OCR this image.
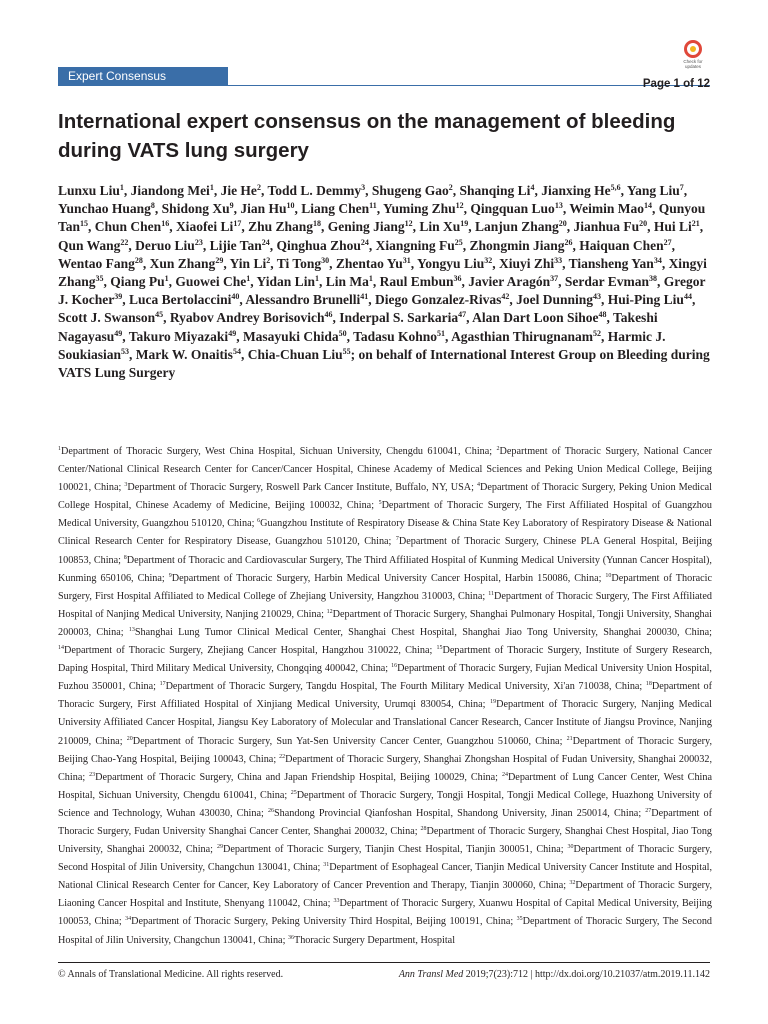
Expert Consensus
Check for updates
Page 1 of 12
International expert consensus on the management of bleeding during VATS lung surgery
Lunxu Liu$^1$, Jiandong Mei$^1$, Jie He$^2$, Todd L. Demmy$^3$, Shugeng Gao$^2$, Shanqing Li$^4$, Jianxing He$^{5,6}$, Yang Liu$^7$, Yunchao Huang$^8$, Shidong Xu$^9$, Jian Hu$^{10}$, Liang Chen$^{11}$, Yuming Zhu$^{12}$, Qingquan Luo$^{13}$, Weimin Mao$^{14}$, Qunyou Tan$^{15}$, Chun Chen$^{16}$, Xiaofei Li$^{17}$, Zhu Zhang$^{18}$, Gening Jiang$^{12}$, Lin Xu$^{19}$, Lanjun Zhang$^{20}$, Jianhua Fu$^{20}$, Hui Li$^{21}$, Qun Wang$^{22}$, Deruo Liu$^{23}$, Lijie Tan$^{24}$, Qinghua Zhou$^{24}$, Xiangning Fu$^{25}$, Zhongmin Jiang$^{26}$, Haiquan Chen$^{27}$, Wentao Fang$^{28}$, Xun Zhang$^{29}$, Yin Li$^2$, Ti Tong$^{30}$, Zhentao Yu$^{31}$, Yongyu Liu$^{32}$, Xiuyi Zhi$^{33}$, Tiansheng Yan$^{34}$, Xingyi Zhang$^{35}$, Qiang Pu$^1$, Guowei Che$^1$, Yidan Lin$^1$, Lin Ma$^1$, Raul Embun$^{36}$, Javier Aragón$^{37}$, Serdar Evman$^{38}$, Gregor J. Kocher$^{39}$, Luca Bertolaccini$^{40}$, Alessandro Brunelli$^{41}$, Diego Gonzalez-Rivas$^{42}$, Joel Dunning$^{43}$, Hui-Ping Liu$^{44}$, Scott J. Swanson$^{45}$, Ryabov Andrey Borisovich$^{46}$, Inderpal S. Sarkaria$^{47}$, Alan Dart Loon Sihoe$^{48}$, Takeshi Nagayasu$^{49}$, Takuro Miyazaki$^{49}$, Masayuki Chida$^{50}$, Tadasu Kohno$^{51}$, Agasthian Thirugnanam$^{52}$, Harmic J. Soukiasian$^{53}$, Mark W. Onaitis$^{54}$, Chia-Chuan Liu$^{55}$; on behalf of International Interest Group on Bleeding during VATS Lung Surgery
$^1$Department of Thoracic Surgery, West China Hospital, Sichuan University, Chengdu 610041, China; $^2$Department of Thoracic Surgery, National Cancer Center/National Clinical Research Center for Cancer/Cancer Hospital, Chinese Academy of Medical Sciences and Peking Union Medical College, Beijing 100021, China; $^3$Department of Thoracic Surgery, Roswell Park Cancer Institute, Buffalo, NY, USA; $^4$Department of Thoracic Surgery, Peking Union Medical College Hospital, Chinese Academy of Medicine, Beijing 100032, China; $^5$Department of Thoracic Surgery, The First Affiliated Hospital of Guangzhou Medical University, Guangzhou 510120, China; $^6$Guangzhou Institute of Respiratory Disease & China State Key Laboratory of Respiratory Disease & National Clinical Research Center for Respiratory Disease, Guangzhou 510120, China; $^7$Department of Thoracic Surgery, Chinese PLA General Hospital, Beijing 100853, China; $^8$Department of Thoracic and Cardiovascular Surgery, The Third Affiliated Hospital of Kunming Medical University (Yunnan Cancer Hospital), Kunming 650106, China; $^9$Department of Thoracic Surgery, Harbin Medical University Cancer Hospital, Harbin 150086, China; $^{10}$Department of Thoracic Surgery, First Hospital Affiliated to Medical College of Zhejiang University, Hangzhou 310003, China; $^{11}$Department of Thoracic Surgery, The First Affiliated Hospital of Nanjing Medical University, Nanjing 210029, China; $^{12}$Department of Thoracic Surgery, Shanghai Pulmonary Hospital, Tongji University, Shanghai 200003, China; $^{13}$Shanghai Lung Tumor Clinical Medical Center, Shanghai Chest Hospital, Shanghai Jiao Tong University, Shanghai 200030, China; $^{14}$Department of Thoracic Surgery, Zhejiang Cancer Hospital, Hangzhou 310022, China; $^{15}$Department of Thoracic Surgery, Institute of Surgery Research, Daping Hospital, Third Military Medical University, Chongqing 400042, China; $^{16}$Department of Thoracic Surgery, Fujian Medical University Union Hospital, Fuzhou 350001, China; $^{17}$Department of Thoracic Surgery, Tangdu Hospital, The Fourth Military Medical University, Xi'an 710038, China; $^{18}$Department of Thoracic Surgery, First Affiliated Hospital of Xinjiang Medical University, Urumqi 830054, China; $^{19}$Department of Thoracic Surgery, Nanjing Medical University Affiliated Cancer Hospital, Jiangsu Key Laboratory of Molecular and Translational Cancer Research, Cancer Institute of Jiangsu Province, Nanjing 210009, China; $^{20}$Department of Thoracic Surgery, Sun Yat-Sen University Cancer Center, Guangzhou 510060, China; $^{21}$Department of Thoracic Surgery, Beijing Chao-Yang Hospital, Beijing 100043, China; $^{22}$Department of Thoracic Surgery, Shanghai Zhongshan Hospital of Fudan University, Shanghai 200032, China; $^{23}$Department of Thoracic Surgery, China and Japan Friendship Hospital, Beijing 100029, China; $^{24}$Department of Lung Cancer Center, West China Hospital, Sichuan University, Chengdu 610041, China; $^{25}$Department of Thoracic Surgery, Tongji Hospital, Tongji Medical College, Huazhong University of Science and Technology, Wuhan 430030, China; $^{26}$Shandong Provincial Qianfoshan Hospital, Shandong University, Jinan 250014, China; $^{27}$Department of Thoracic Surgery, Fudan University Shanghai Cancer Center, Shanghai 200032, China; $^{28}$Department of Thoracic Surgery, Shanghai Chest Hospital, Jiao Tong University, Shanghai 200032, China; $^{29}$Department of Thoracic Surgery, Tianjin Chest Hospital, Tianjin 300051, China; $^{30}$Department of Thoracic Surgery, Second Hospital of Jilin University, Changchun 130041, China; $^{31}$Department of Esophageal Cancer, Tianjin Medical University Cancer Institute and Hospital, National Clinical Research Center for Cancer, Key Laboratory of Cancer Prevention and Therapy, Tianjin 300060, China; $^{32}$Department of Thoracic Surgery, Liaoning Cancer Hospital and Institute, Shenyang 110042, China; $^{33}$Department of Thoracic Surgery, Xuanwu Hospital of Capital Medical University, Beijing 100053, China; $^{34}$Department of Thoracic Surgery, Peking University Third Hospital, Beijing 100191, China; $^{35}$Department of Thoracic Surgery, The Second Hospital of Jilin University, Changchun 130041, China; $^{36}$Thoracic Surgery Department, Hospital
© Annals of Translational Medicine. All rights reserved.	Ann Transl Med 2019;7(23):712 | http://dx.doi.org/10.21037/atm.2019.11.142
